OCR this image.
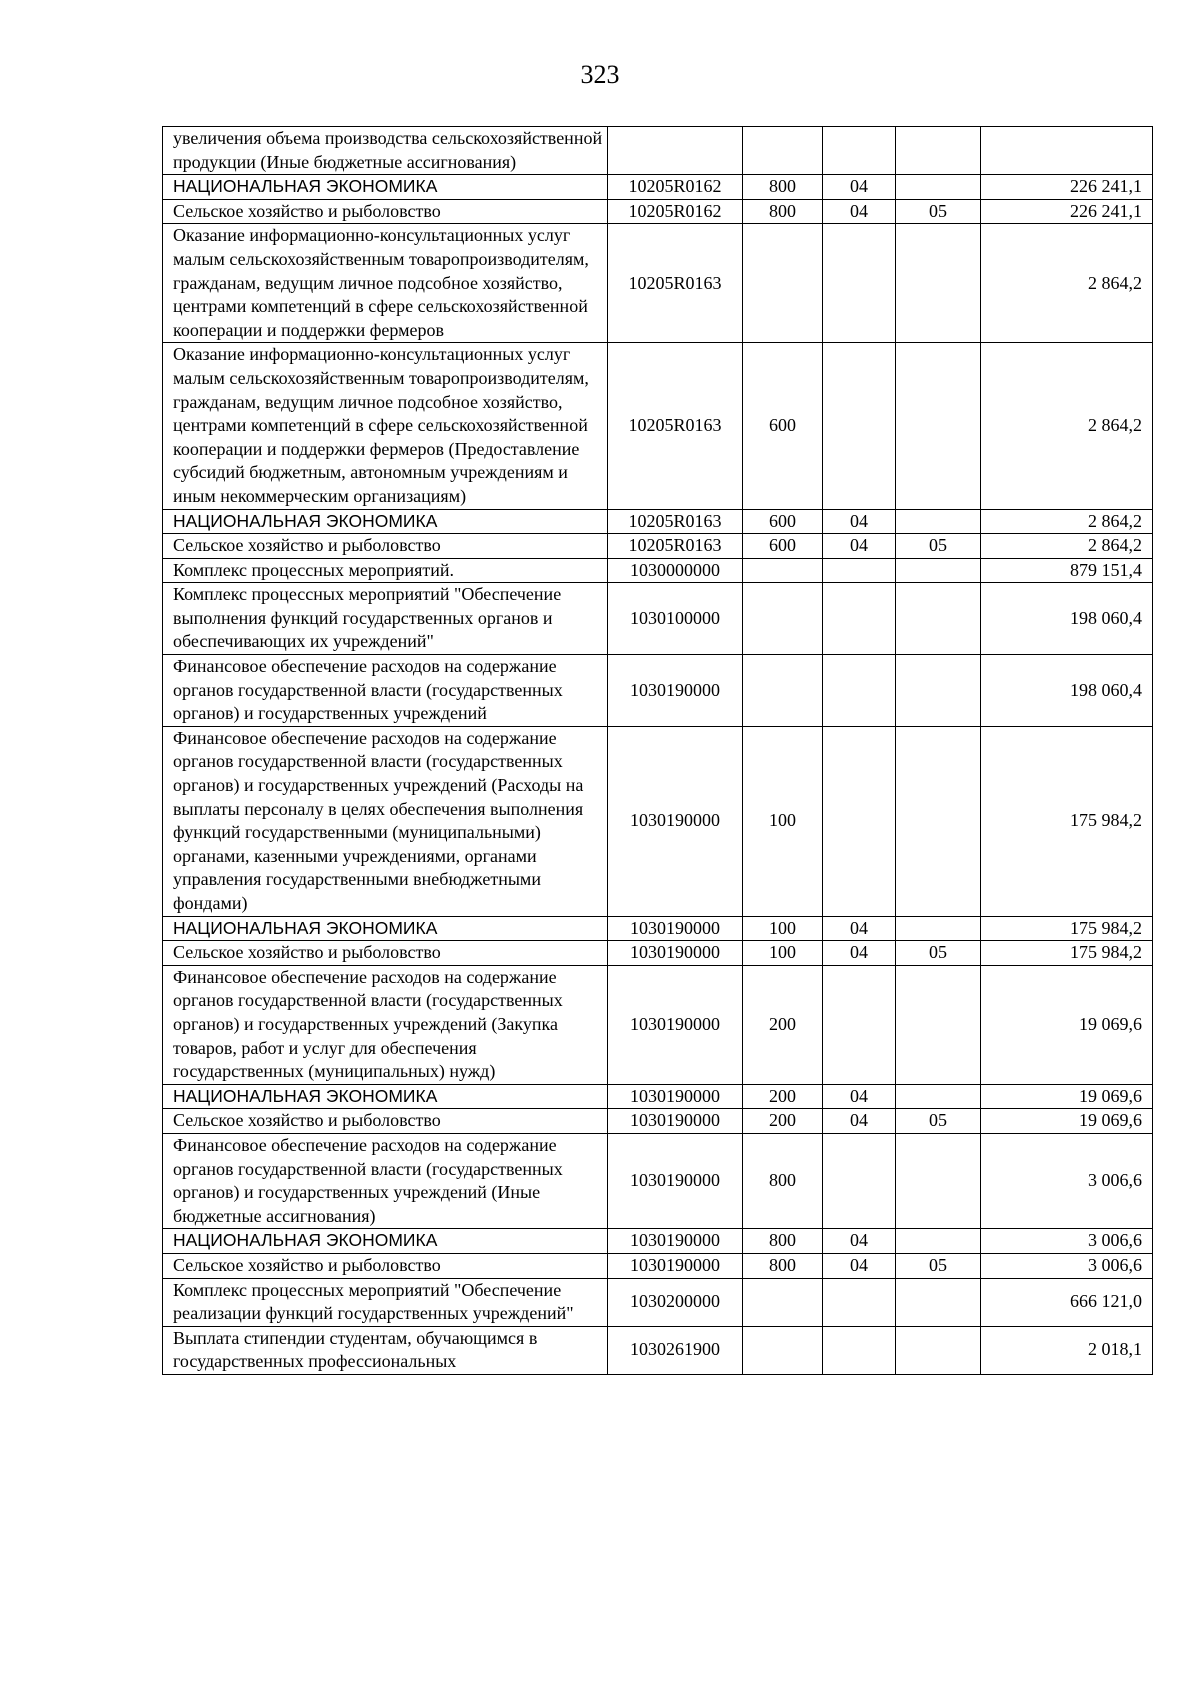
323
увеличения объема производства сельскохозяйственной продукции (Иные бюджетные ассигнования)					
НАЦИОНАЛЬНАЯ ЭКОНОМИКА	10205R0162	800	04		226 241,1
Сельское хозяйство и рыболовство	10205R0162	800	04	05	226 241,1
Оказание информационно-консультационных услуг малым сельскохозяйственным товаропроизводителям, гражданам, ведущим личное подсобное хозяйство, центрами компетенций в сфере сельскохозяйственной кооперации и поддержки фермеров	10205R0163				2 864,2
Оказание информационно-консультационных услуг малым сельскохозяйственным товаропроизводителям, гражданам, ведущим личное подсобное хозяйство, центрами компетенций в сфере сельскохозяйственной кооперации и поддержки фермеров (Предоставление субсидий бюджетным, автономным учреждениям и иным некоммерческим организациям)	10205R0163	600			2 864,2
НАЦИОНАЛЬНАЯ ЭКОНОМИКА	10205R0163	600	04		2 864,2
Сельское хозяйство и рыболовство	10205R0163	600	04	05	2 864,2
Комплекс процессных мероприятий.	1030000000				879 151,4
Комплекс процессных мероприятий "Обеспечение выполнения функций государственных органов и обеспечивающих их учреждений"	1030100000				198 060,4
Финансовое обеспечение расходов на содержание органов государственной власти (государственных органов) и государственных учреждений	1030190000				198 060,4
Финансовое обеспечение расходов на содержание органов государственной власти (государственных органов) и государственных учреждений (Расходы на выплаты персоналу в целях обеспечения выполнения функций государственными (муниципальными) органами, казенными учреждениями, органами управления государственными внебюджетными фондами)	1030190000	100			175 984,2
НАЦИОНАЛЬНАЯ ЭКОНОМИКА	1030190000	100	04		175 984,2
Сельское хозяйство и рыболовство	1030190000	100	04	05	175 984,2
Финансовое обеспечение расходов на содержание органов государственной власти (государственных органов) и государственных учреждений (Закупка товаров, работ и услуг для обеспечения государственных (муниципальных) нужд)	1030190000	200			19 069,6
НАЦИОНАЛЬНАЯ ЭКОНОМИКА	1030190000	200	04		19 069,6
Сельское хозяйство и рыболовство	1030190000	200	04	05	19 069,6
Финансовое обеспечение расходов на содержание органов государственной власти (государственных органов) и государственных учреждений (Иные бюджетные ассигнования)	1030190000	800			3 006,6
НАЦИОНАЛЬНАЯ ЭКОНОМИКА	1030190000	800	04		3 006,6
Сельское хозяйство и рыболовство	1030190000	800	04	05	3 006,6
Комплекс процессных мероприятий "Обеспечение реализации функций государственных учреждений"	1030200000				666 121,0
Выплата стипендии студентам, обучающимся в государственных профессиональных	1030261900				2 018,1
